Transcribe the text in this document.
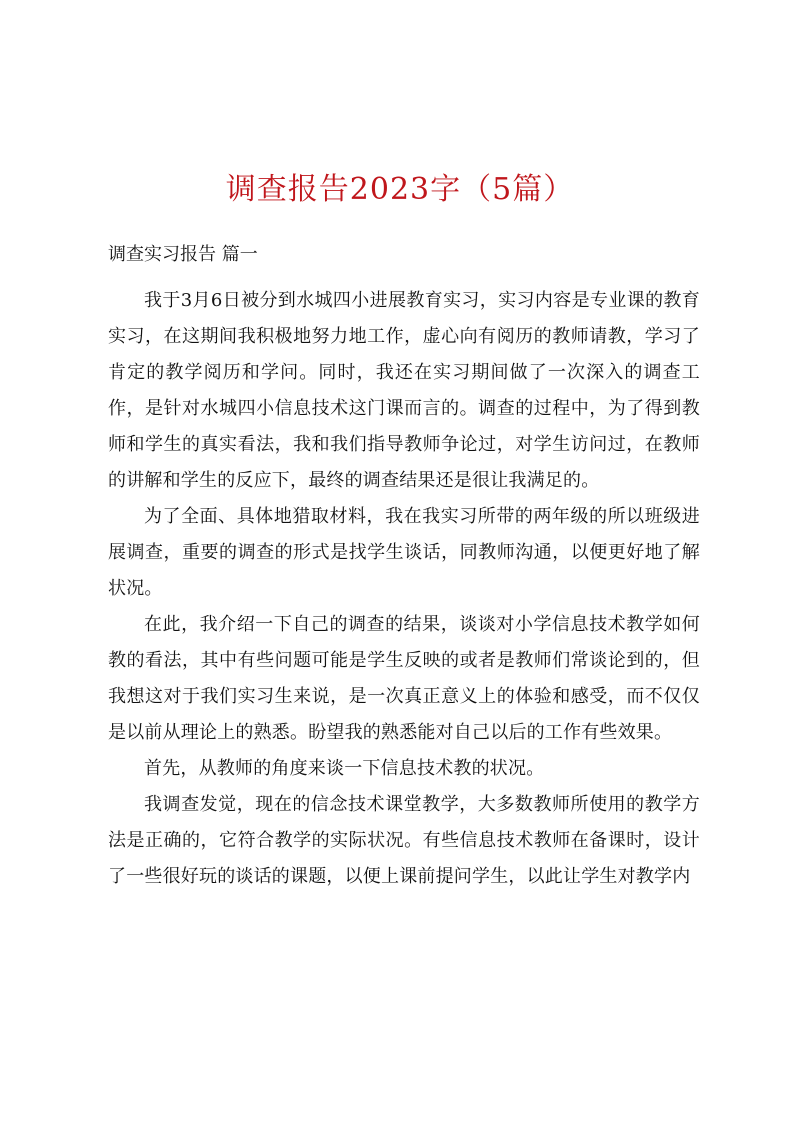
调查报告2023字（5篇）

调查实习报告 篇一

我于3月6日被分到水城四小进展教育实习，实习内容是专业课的教育实习，在这期间我积极地努力地工作，虚心向有阅历的教师请教，学习了肯定的教学阅历和学问。同时，我还在实习期间做了一次深入的调查工作，是针对水城四小信息技术这门课而言的。调查的过程中，为了得到教师和学生的真实看法，我和我们指导教师争论过，对学生访问过，在教师的讲解和学生的反应下，最终的调查结果还是很让我满足的。

为了全面、具体地猎取材料，我在我实习所带的两年级的所以班级进展调查，重要的调查的形式是找学生谈话，同教师沟通，以便更好地了解状况。

在此，我介绍一下自己的调查的结果，谈谈对小学信息技术教学如何教的看法，其中有些问题可能是学生反映的或者是教师们常谈论到的，但我想这对于我们实习生来说，是一次真正意义上的体验和感受，而不仅仅是以前从理论上的熟悉。盼望我的熟悉能对自己以后的工作有些效果。

首先，从教师的角度来谈一下信息技术教的状况。

我调查发觉，现在的信念技术课堂教学，大多数教师所使用的教学方法是正确的，它符合教学的实际状况。有些信息技术教师在备课时，设计了一些很好玩的谈话的课题，以便上课前提问学生，以此让学生对教学内
